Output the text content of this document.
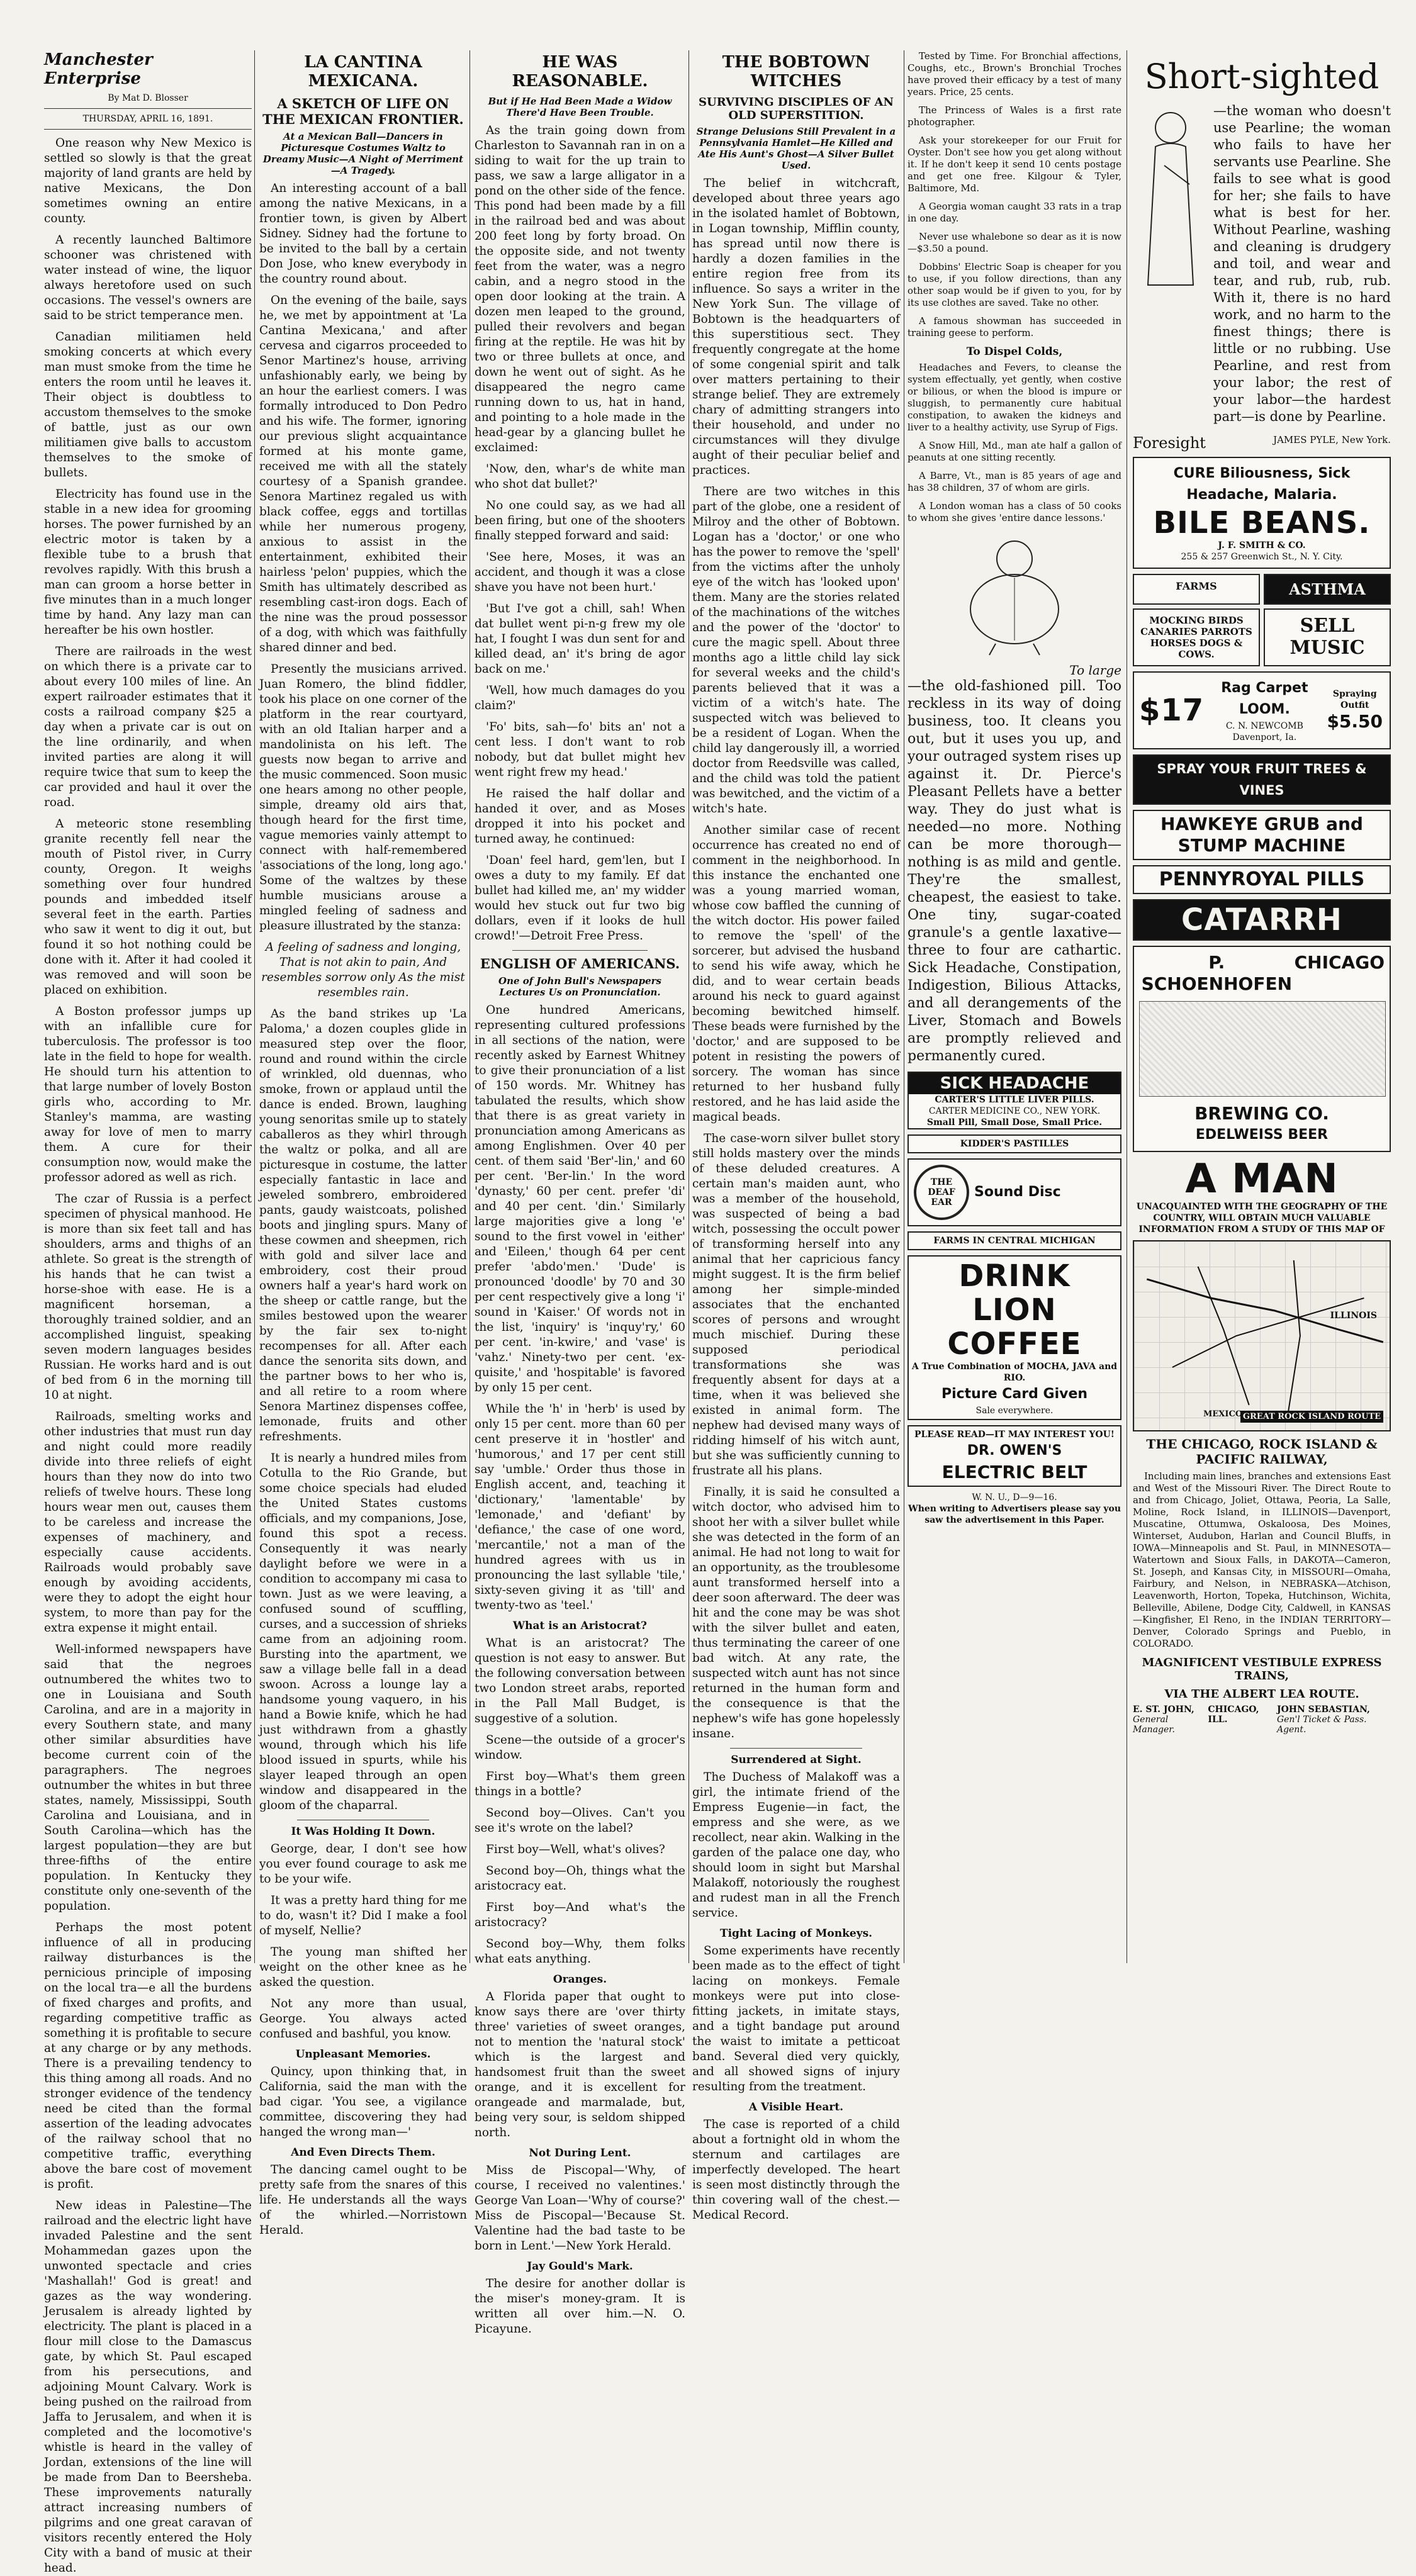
Manchester Enterprise

By Mat D. Blosser

THURSDAY, APRIL 16, 1891.

One reason why New Mexico is settled so slowly is that the great majority of land grants are held by native Mexicans, the Don sometimes owning an entire county.

A recently launched Baltimore schooner was christened with water instead of wine, the liquor always heretofore used on such occasions. The vessel's owners are said to be strict temperance men.

Canadian militiamen held smoking concerts at which every man must smoke from the time he enters the room until he leaves it. Their object is doubtless to accustom themselves to the smoke of battle, just as our own militiamen give balls to accustom themselves to the smoke of bullets.

Electricity has found use in the stable in a new idea for grooming horses. The power furnished by an electric motor is taken by a flexible tube to a brush that revolves rapidly. With this brush a man can groom a horse better in five minutes than in a much longer time by hand. Any lazy man can hereafter be his own hostler.

There are railroads in the west on which there is a private car to about every 100 miles of line. An expert railroader estimates that it costs a railroad company $25 a day when a private car is out on the line ordinarily, and when invited parties are along it will require twice that sum to keep the car provided and haul it over the road.

A meteoric stone resembling granite recently fell near the mouth of Pistol river, in Curry county, Oregon. It weighs something over four hundred pounds and imbedded itself several feet in the earth. Parties who saw it went to dig it out, but found it so hot nothing could be done with it. After it had cooled it was removed and will soon be placed on exhibition.

A Boston professor jumps up with an infallible cure for tuberculosis. The professor is too late in the field to hope for wealth. He should turn his attention to that large number of lovely Boston girls who, according to Mr. Stanley's mamma, are wasting away for love of men to marry them. A cure for their consumption now, would make the professor adored as well as rich.

The czar of Russia is a perfect specimen of physical manhood. He is more than six feet tall and has shoulders, arms and thighs of an athlete. So great is the strength of his hands that he can twist a horse-shoe with ease. He is a magnificent horseman, a thoroughly trained soldier, and an accomplished linguist, speaking seven modern languages besides Russian. He works hard and is out of bed from 6 in the morning till 10 at night.

Railroads, smelting works and other industries that must run day and night could more readily divide into three reliefs of eight hours than they now do into two reliefs of twelve hours. These long hours wear men out, causes them to be careless and increase the expenses of machinery, and especially cause accidents. Railroads would probably save enough by avoiding accidents, were they to adopt the eight hour system, to more than pay for the extra expense it might entail.

Well-informed newspapers have said that the negroes outnumbered the whites two to one in Louisiana and South Carolina, and are in a majority in every Southern state, and many other similar absurdities have become current coin of the paragraphers. The negroes outnumber the whites in but three states, namely, Mississippi, South Carolina and Louisiana, and in South Carolina—which has the largest population—they are but three-fifths of the entire population. In Kentucky they constitute only one-seventh of the population.

Perhaps the most potent influence of all in producing railway disturbances is the pernicious principle of imposing on the local tra—e all the burdens of fixed charges and profits, and regarding competitive traffic as something it is profitable to secure at any charge or by any methods. There is a prevailing tendency to this thing among all roads. And no stronger evidence of the tendency need be cited than the formal assertion of the leading advocates of the railway school that no competitive traffic, everything above the bare cost of movement is profit.

New ideas in Palestine—The railroad and the electric light have invaded Palestine and the sent Mohammedan gazes upon the unwonted spectacle and cries 'Mashallah!' God is great! and gazes as the way wondering. Jerusalem is already lighted by electricity. The plant is placed in a flour mill close to the Damascus gate, by which St. Paul escaped from his persecutions, and adjoining Mount Calvary. Work is being pushed on the railroad from Jaffa to Jerusalem, and when it is completed and the locomotive's whistle is heard in the valley of Jordan, extensions of the line will be made from Dan to Beersheba. These improvements naturally attract increasing numbers of pilgrims and one great caravan of visitors recently entered the Holy City with a band of music at their head.

LA CANTINA MEXICANA.
A SKETCH OF LIFE ON THE MEXICAN FRONTIER.
At a Mexican Ball—Dancers in Picturesque Costumes Waltz to Dreamy Music—A Night of Merriment—A Tragedy.

An interesting account of a ball among the native Mexicans, in a frontier town, is given by Albert Sidney. Sidney had the fortune to be invited to the ball by a certain Don Jose, who knew everybody in the country round about.

On the evening of the baile, says he, we met by appointment at 'La Cantina Mexicana,' and after cervesa and cigarros proceeded to Senor Martinez's house, arriving unfashionably early, we being by an hour the earliest comers. I was formally introduced to Don Pedro and his wife. The former, ignoring our previous slight acquaintance formed at his monte game, received me with all the stately courtesy of a Spanish grandee. Senora Martinez regaled us with black coffee, eggs and tortillas while her numerous progeny, anxious to assist in the entertainment, exhibited their hairless 'pelon' puppies, which the Smith has ultimately described as resembling cast-iron dogs. Each of the nine was the proud possessor of a dog, with which was faithfully shared dinner and bed.

Presently the musicians arrived. Juan Romero, the blind fiddler, took his place on one corner of the platform in the rear courtyard, with an old Italian harper and a mandolinista on his left. The guests now began to arrive and the music commenced. Soon music one hears among no other people, simple, dreamy old airs that, though heard for the first time, vague memories vainly attempt to connect with half-remembered 'associations of the long, long ago.' Some of the waltzes by these humble musicians arouse a mingled feeling of sadness and pleasure illustrated by the stanza:

A feeling of sadness and longing, That is not akin to pain, And resembles sorrow only As the mist resembles rain.

As the band strikes up 'La Paloma,' a dozen couples glide in measured step over the floor, round and round within the circle of wrinkled, old duennas, who smoke, frown or applaud until the dance is ended. Brown, laughing young senoritas smile up to stately caballeros as they whirl through the waltz or polka, and all are picturesque in costume, the latter especially fantastic in lace and jeweled sombrero, embroidered pants, gaudy waistcoats, polished boots and jingling spurs. Many of these cowmen and sheepmen, rich with gold and silver lace and embroidery, cost their proud owners half a year's hard work on the sheep or cattle range, but the smiles bestowed upon the wearer by the fair sex to-night recompenses for all. After each dance the senorita sits down, and the partner bows to her who is, and all retire to a room where Senora Martinez dispenses coffee, lemonade, fruits and other refreshments.

It is nearly a hundred miles from Cotulla to the Rio Grande, but some choice specials had eluded the United States customs officials, and my companions, Jose, found this spot a recess. Consequently it was nearly daylight before we were in a condition to accompany mi casa to town. Just as we were leaving, a confused sound of scuffling, curses, and a succession of shrieks came from an adjoining room. Bursting into the apartment, we saw a village belle fall in a dead swoon. Across a lounge lay a handsome young vaquero, in his hand a Bowie knife, which he had just withdrawn from a ghastly wound, through which his life blood issued in spurts, while his slayer leaped through an open window and disappeared in the gloom of the chaparral.

It Was Holding It Down.

George, dear, I don't see how you ever found courage to ask me to be your wife.

It was a pretty hard thing for me to do, wasn't it? Did I make a fool of myself, Nellie?

The young man shifted her weight on the other knee as he asked the question.

Not any more than usual, George. You always acted confused and bashful, you know.

Unpleasant Memories.

Quincy, upon thinking that, in California, said the man with the bad cigar. 'You see, a vigilance committee, discovering they had hanged the wrong man—'

And Even Directs Them.

The dancing camel ought to be pretty safe from the snares of this life. He understands all the ways of the whirled.—Norristown Herald.

HE WAS REASONABLE.
But if He Had Been Made a Widow There'd Have Been Trouble.

As the train going down from Charleston to Savannah ran in on a siding to wait for the up train to pass, we saw a large alligator in a pond on the other side of the fence. This pond had been made by a fill in the railroad bed and was about 200 feet long by forty broad. On the opposite side, and not twenty feet from the water, was a negro cabin, and a negro stood in the open door looking at the train. A dozen men leaped to the ground, pulled their revolvers and began firing at the reptile. He was hit by two or three bullets at once, and down he went out of sight. As he disappeared the negro came running down to us, hat in hand, and pointing to a hole made in the head-gear by a glancing bullet he exclaimed:

'Now, den, whar's de white man who shot dat bullet?'

No one could say, as we had all been firing, but one of the shooters finally stepped forward and said:

'See here, Moses, it was an accident, and though it was a close shave you have not been hurt.'

'But I've got a chill, sah! When dat bullet went pi-n-g frew my ole hat, I fought I was dun sent for and killed dead, an' it's bring de agor back on me.'

'Well, how much damages do you claim?'

'Fo' bits, sah—fo' bits an' not a cent less. I don't want to rob nobody, but dat bullet might hev went right frew my head.'

He raised the half dollar and handed it over, and as Moses dropped it into his pocket and turned away, he continued:

'Doan' feel hard, gem'len, but I owes a duty to my family. Ef dat bullet had killed me, an' my widder would hev stuck out fur two big dollars, even if it looks de hull crowd!'—Detroit Free Press.

ENGLISH OF AMERICANS.
One of John Bull's Newspapers Lectures Us on Pronunciation.

One hundred Americans, representing cultured professions in all sections of the nation, were recently asked by Earnest Whitney to give their pronunciation of a list of 150 words. Mr. Whitney has tabulated the results, which show that there is as great variety in pronunciation among Americans as among Englishmen. Over 40 per cent. of them said 'Ber'-lin,' and 60 per cent. 'Ber-lin.' In the word 'dynasty,' 60 per cent. prefer 'di' and 40 per cent. 'din.' Similarly large majorities give a long 'e' sound to the first vowel in 'either' and 'Eileen,' though 64 per cent prefer 'abdo'men.' 'Dude' is pronounced 'doodle' by 70 and 30 per cent respectively give a long 'i' sound in 'Kaiser.' Of words not in the list, 'inquiry' is 'inquy'ry,' 60 per cent. 'in-kwire,' and 'vase' is 'vahz.' Ninety-two per cent. 'ex-quisite,' and 'hospitable' is favored by only 15 per cent.

While the 'h' in 'herb' is used by only 15 per cent. more than 60 per cent preserve it in 'hostler' and 'humorous,' and 17 per cent still say 'umble.' Order thus those in English accent, and, teaching it 'dictionary,' 'lamentable' by 'lemonade,' and 'defiant' by 'defiance,' the case of one word, 'mercantile,' not a man of the hundred agrees with us in pronouncing the last syllable 'tile,' sixty-seven giving it as 'till' and twenty-two as 'teel.'

What is an Aristocrat?

What is an aristocrat? The question is not easy to answer. But the following conversation between two London street arabs, reported in the Pall Mall Budget, is suggestive of a solution.

Scene—the outside of a grocer's window.

First boy—What's them green things in a bottle?

Second boy—Olives. Can't you see it's wrote on the label?

First boy—Well, what's olives?

Second boy—Oh, things what the aristocracy eat.

First boy—And what's the aristocracy?

Second boy—Why, them folks what eats anything.

Oranges.

A Florida paper that ought to know says there are 'over thirty three' varieties of sweet oranges, not to mention the 'natural stock' which is the largest and handsomest fruit than the sweet orange, and it is excellent for orangeade and marmalade, but, being very sour, is seldom shipped north.

Not During Lent.

Miss de Piscopal—'Why, of course, I received no valentines.' George Van Loan—'Why of course?' Miss de Piscopal—'Because St. Valentine had the bad taste to be born in Lent.'—New York Herald.

Jay Gould's Mark.

The desire for another dollar is the miser's money-gram. It is written all over him.—N. O. Picayune.

THE BOBTOWN WITCHES
SURVIVING DISCIPLES OF AN OLD SUPERSTITION.
Strange Delusions Still Prevalent in a Pennsylvania Hamlet—He Killed and Ate His Aunt's Ghost—A Silver Bullet Used.

The belief in witchcraft, developed about three years ago in the isolated hamlet of Bobtown, in Logan township, Mifflin county, has spread until now there is hardly a dozen families in the entire region free from its influence. So says a writer in the New York Sun. The village of Bobtown is the headquarters of this superstitious sect. They frequently congregate at the home of some congenial spirit and talk over matters pertaining to their strange belief. They are extremely chary of admitting strangers into their household, and under no circumstances will they divulge aught of their peculiar belief and practices.

There are two witches in this part of the globe, one a resident of Milroy and the other of Bobtown. Logan has a 'doctor,' or one who has the power to remove the 'spell' from the victims after the unholy eye of the witch has 'looked upon' them. Many are the stories related of the machinations of the witches and the power of the 'doctor' to cure the magic spell. About three months ago a little child lay sick for several weeks and the child's parents believed that it was a victim of a witch's hate. The suspected witch was believed to be a resident of Logan. When the child lay dangerously ill, a worried doctor from Reedsville was called, and the child was told the patient was bewitched, and the victim of a witch's hate.

Another similar case of recent occurrence has created no end of comment in the neighborhood. In this instance the enchanted one was a young married woman, whose cow baffled the cunning of the witch doctor. His power failed to remove the 'spell' of the sorcerer, but advised the husband to send his wife away, which he did, and to wear certain beads around his neck to guard against becoming bewitched himself. These beads were furnished by the 'doctor,' and are supposed to be potent in resisting the powers of sorcery. The woman has since returned to her husband fully restored, and he has laid aside the magical beads.

The case-worn silver bullet story still holds mastery over the minds of these deluded creatures. A certain man's maiden aunt, who was a member of the household, was suspected of being a bad witch, possessing the occult power of transforming herself into any animal that her capricious fancy might suggest. It is the firm belief among her simple-minded associates that the enchanted scores of persons and wrought much mischief. During these supposed periodical transformations she was frequently absent for days at a time, when it was believed she existed in animal form. The nephew had devised many ways of ridding himself of his witch aunt, but she was sufficiently cunning to frustrate all his plans.

Finally, it is said he consulted a witch doctor, who advised him to shoot her with a silver bullet while she was detected in the form of an animal. He had not long to wait for an opportunity, as the troublesome aunt transformed herself into a deer soon afterward. The deer was hit and the cone may be was shot with the silver bullet and eaten, thus terminating the career of one bad witch. At any rate, the suspected witch aunt has not since returned in the human form and the consequence is that the nephew's wife has gone hopelessly insane.

Surrendered at Sight.

The Duchess of Malakoff was a girl, the intimate friend of the Empress Eugenie—in fact, the empress and she were, as we recollect, near akin. Walking in the garden of the palace one day, who should loom in sight but Marshal Malakoff, notoriously the roughest and rudest man in all the French service.

Tight Lacing of Monkeys.

Some experiments have recently been made as to the effect of tight lacing on monkeys. Female monkeys were put into close-fitting jackets, in imitate stays, and a tight bandage put around the waist to imitate a petticoat band. Several died very quickly, and all showed signs of injury resulting from the treatment.

A Visible Heart.

The case is reported of a child about a fortnight old in whom the sternum and cartilages are imperfectly developed. The heart is seen most distinctly through the thin covering wall of the chest.—Medical Record.

Tested by Time. For Bronchial affections, Coughs, etc., Brown's Bronchial Troches have proved their efficacy by a test of many years. Price, 25 cents.

The Princess of Wales is a first rate photographer.

Ask your storekeeper for our Fruit for Oyster. Don't see how you get along without it. If he don't keep it send 10 cents postage and get one free. Kilgour & Tyler, Baltimore, Md.

A Georgia woman caught 33 rats in a trap in one day.

Never use whalebone so dear as it is now—$3.50 a pound.

Dobbins' Electric Soap is cheaper for you to use, if you follow directions, than any other soap would be if given to you, for by its use clothes are saved. Take no other.

A famous showman has succeeded in training geese to perform.

To Dispel Colds,

Headaches and Fevers, to cleanse the system effectually, yet gently, when costive or bilious, or when the blood is impure or sluggish, to permanently cure habitual constipation, to awaken the kidneys and liver to a healthy activity, use Syrup of Figs.

A Snow Hill, Md., man ate half a gallon of peanuts at one sitting recently.

A Barre, Vt., man is 85 years of age and has 38 children, 37 of whom are girls.

A London woman has a class of 50 cooks to whom she gives 'entire dance lessons.'

To large

—the old-fashioned pill. Too reckless in its way of doing business, too. It cleans you out, but it uses you up, and your outraged system rises up against it. Dr. Pierce's Pleasant Pellets have a better way. They do just what is needed—no more. Nothing can be more thorough—nothing is as mild and gentle. They're the smallest, cheapest, the easiest to take. One tiny, sugar-coated granule's a gentle laxative—three to four are cathartic. Sick Headache, Constipation, Indigestion, Bilious Attacks, and all derangements of the Liver, Stomach and Bowels are promptly relieved and permanently cured.

SICK HEADACHE
CARTER'S LITTLE LIVER PILLS.
CARTER MEDICINE CO., NEW YORK.
Small Pill, Small Dose, Small Price.
KIDDER'S PASTILLES
THE DEAF EAR
Sound Disc
FARMS IN CENTRAL MICHIGAN
DRINK
LION
COFFEE
A True Combination of MOCHA, JAVA and RIO.
Picture Card Given
Sale everywhere.
PLEASE READ—IT MAY INTEREST YOU!
DR. OWEN'S
ELECTRIC BELT
W. N. U., D—9—16.
When writing to Advertisers please say you saw the advertisement in this Paper.
Short-sighted

—the woman who doesn't use Pearline; the woman who fails to have her servants use Pearline. She fails to see what is good for her; she fails to have what is best for her. Without Pearline, washing and cleaning is drudgery and toil, and wear and tear, and rub, rub, rub. With it, there is no hard work, and no harm to the finest things; there is little or no rubbing. Use Pearline, and rest from your labor; the rest of your labor—the hardest part—is done by Pearline.

Foresight	JAMES PYLE, New York.
CURE Biliousness, Sick Headache, Malaria.
BILE BEANS.
J. F. SMITH & CO.
255 & 257 Greenwich St., N. Y. City.
FARMS	ASTHMA
MOCKING BIRDS CANARIES PARROTS HORSES DOGS & COWS.
SELL MUSIC
$17
Rag Carpet LOOM.
C. N. NEWCOMB Davenport, Ia.
Spraying Outfit
$5.50
SPRAY YOUR FRUIT TREES & VINES
HAWKEYE GRUB and STUMP MACHINE
PENNYROYAL PILLS
CATARRH
P. SCHOENHOFEN
CHICAGO
BREWING CO.
EDELWEISS BEER
A MAN
UNACQUAINTED WITH THE GEOGRAPHY OF THE COUNTRY, WILL OBTAIN MUCH VALUABLE INFORMATION FROM A STUDY OF THIS MAP OF
ILLINOIS
GREAT ROCK ISLAND ROUTE
MEXICO
THE CHICAGO, ROCK ISLAND & PACIFIC RAILWAY,

Including main lines, branches and extensions East and West of the Missouri River. The Direct Route to and from Chicago, Joliet, Ottawa, Peoria, La Salle, Moline, Rock Island, in ILLINOIS—Davenport, Muscatine, Ottumwa, Oskaloosa, Des Moines, Winterset, Audubon, Harlan and Council Bluffs, in IOWA—Minneapolis and St. Paul, in MINNESOTA—Watertown and Sioux Falls, in DAKOTA—Cameron, St. Joseph, and Kansas City, in MISSOURI—Omaha, Fairbury, and Nelson, in NEBRASKA—Atchison, Leavenworth, Horton, Topeka, Hutchinson, Wichita, Belleville, Abilene, Dodge City, Caldwell, in KANSAS—Kingfisher, El Reno, in the INDIAN TERRITORY—Denver, Colorado Springs and Pueblo, in COLORADO.

MAGNIFICENT VESTIBULE EXPRESS TRAINS,
VIA THE ALBERT LEA ROUTE.
E. ST. JOHN,
General Manager.
CHICAGO, ILL.
JOHN SEBASTIAN,
Gen'l Ticket & Pass. Agent.
